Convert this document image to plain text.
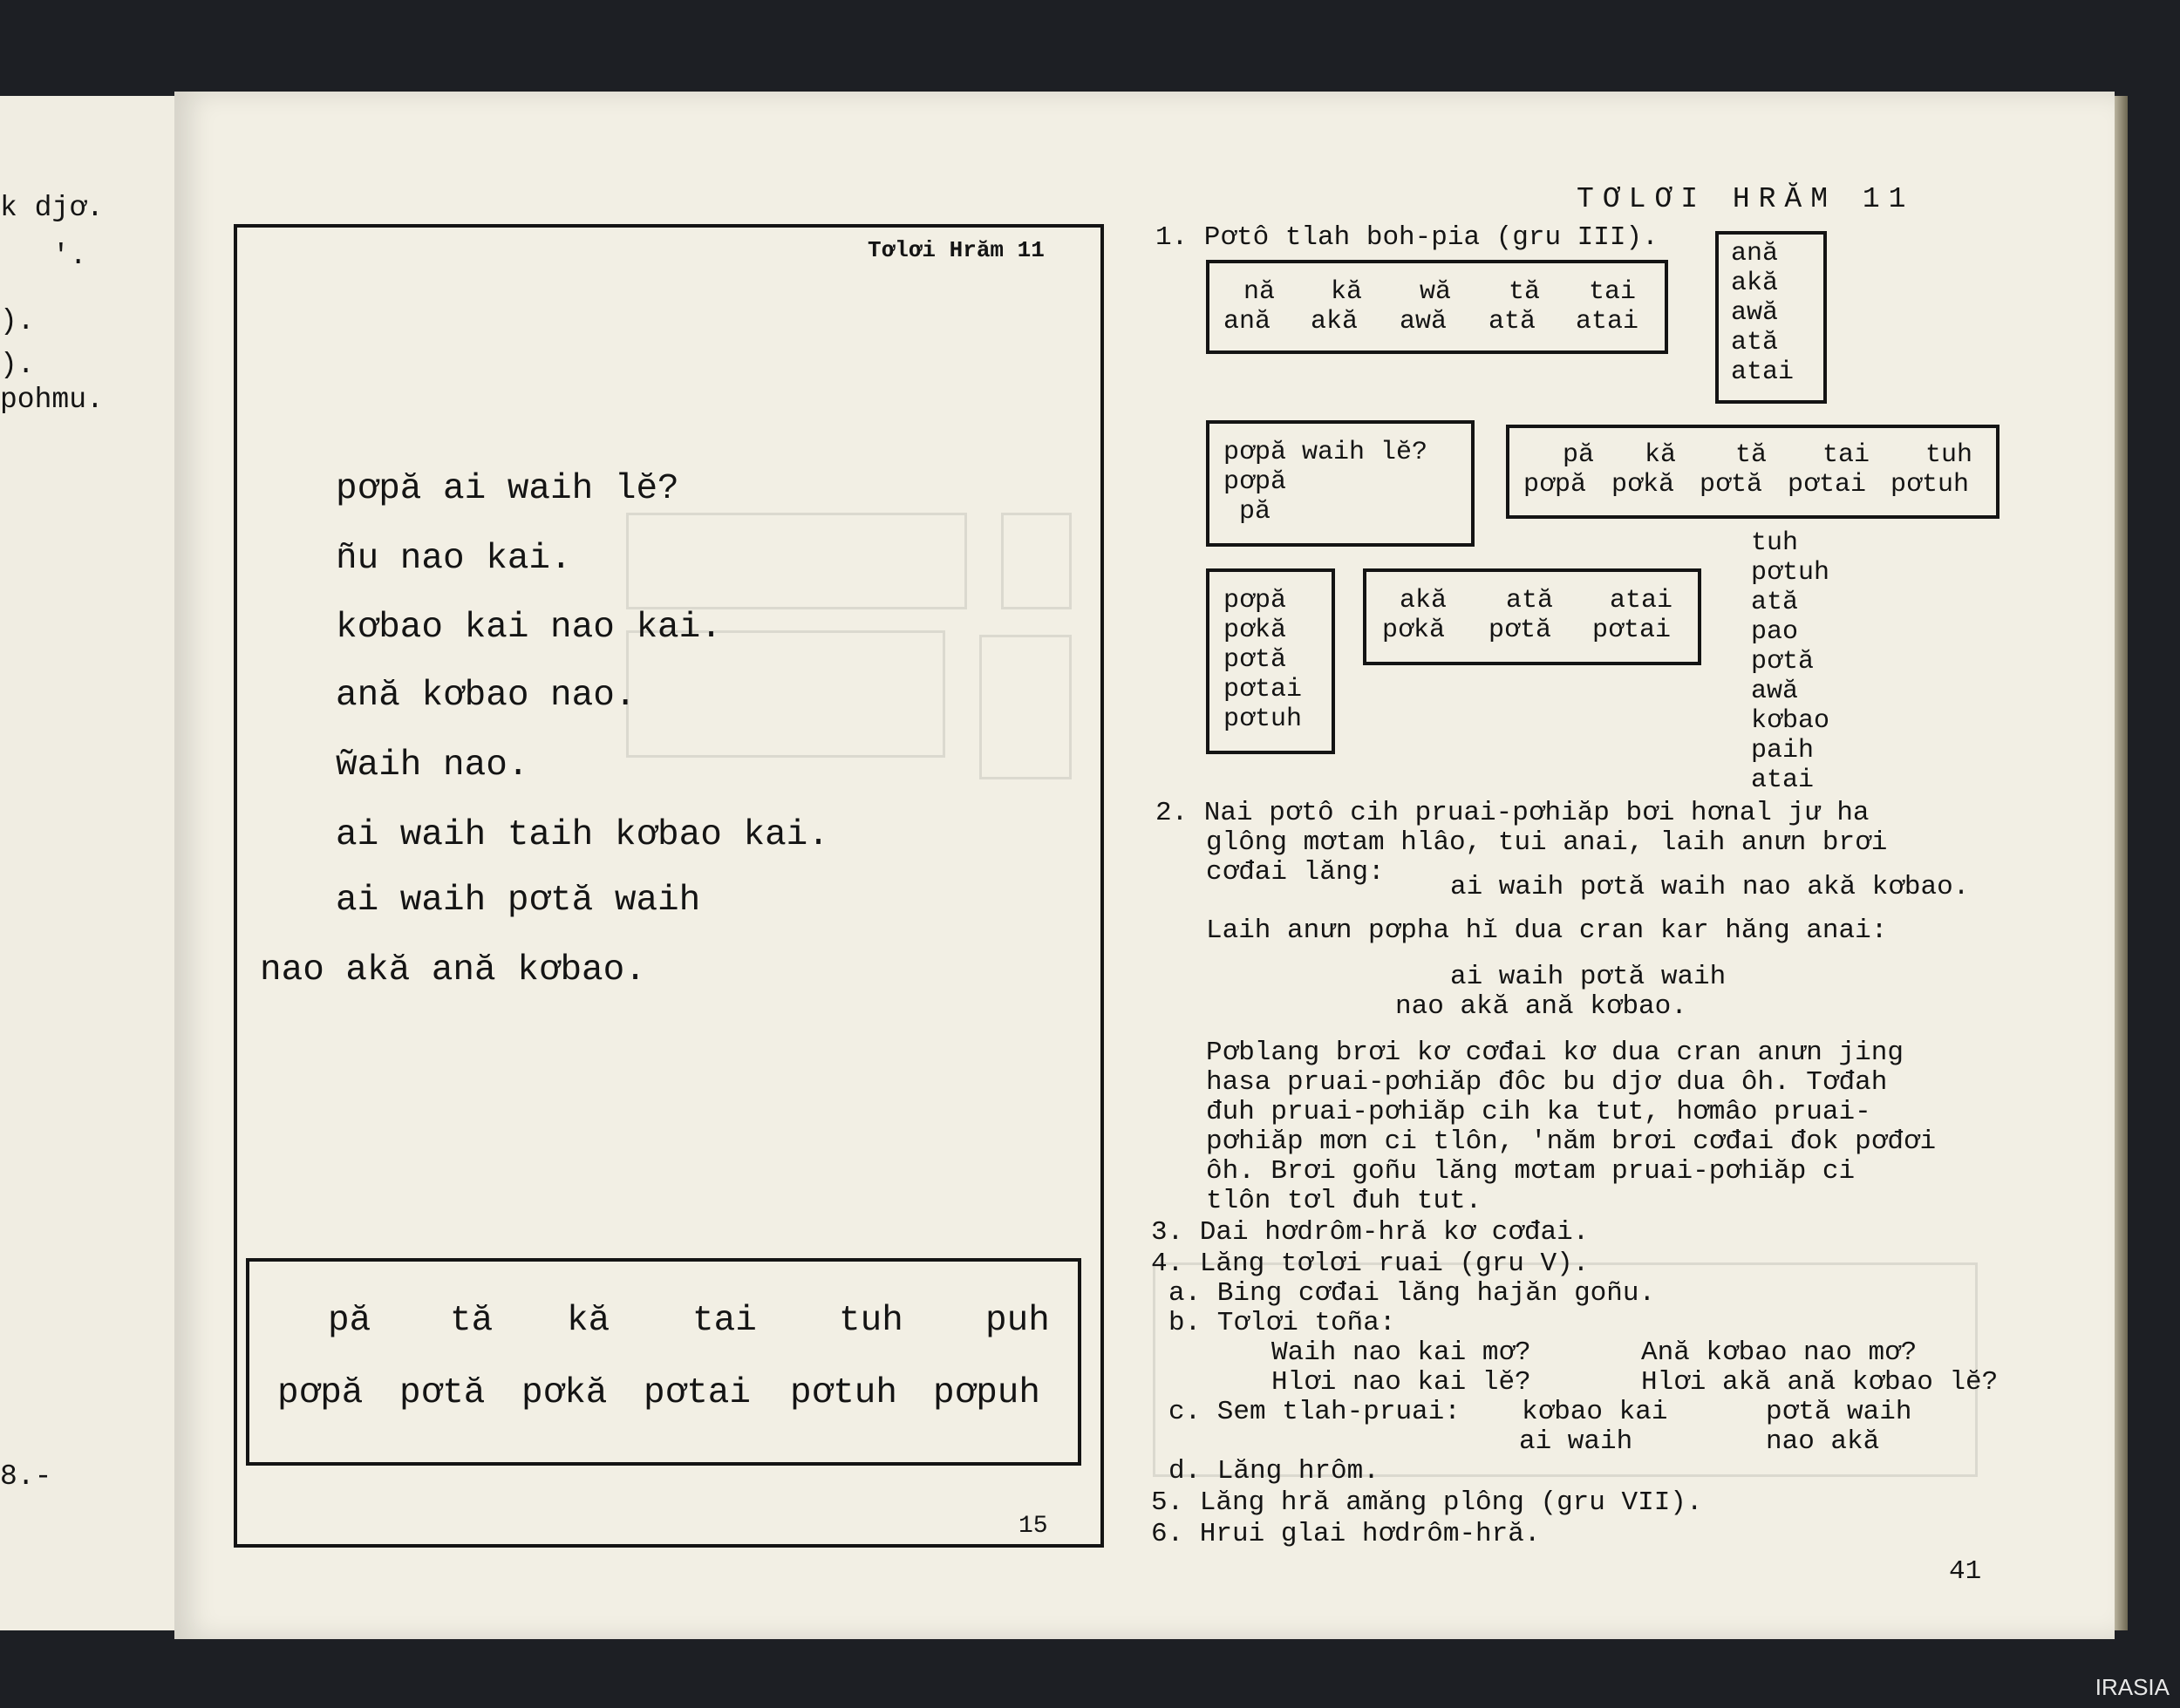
k djơ.
'.
).
).
pohmu.
8.-
Tơlơi Hrăm 11
pơpă ai waih lĕ?
ñu nao kai.
kơbao kai nao kai.
ană kơbao nao.
w̃aih nao.
ai waih taih kơbao kai.
ai waih pơtă waih
nao akă ană kơbao.
pă tă kă tai tuh puh
pơpă pơtă pơkă pơtai pơtuh pơpuh
15
TƠLƠI HRĂM 11
1. Pơtô tlah boh-pia (gru III).
nă kă wă tă tai
ană akă awă ată atai
ană
akă
awă
ată
atai
pơpă waih lĕ?
pơpă
pă
pă kă tă tai tuh
pơpă pơkă pơtă pơtai pơtuh
pơpă
pơkă
pơtă
pơtai
pơtuh
akă ată atai
pơkă pơtă pơtai
tuh
pơtuh
ată
pao
pơtă
awă
kơbao
paih
atai
2. Nai pơtô cih pruai-pơhiăp bơi hơnal jư ha
glông mơtam hlâo, tui anai, laih anưn brơi
cơđai lăng: ai waih pơtă waih nao akă kơbao.
Laih anưn pơpha hĭ dua cran kar hăng anai:
ai waih pơtă waih
nao akă ană kơbao.
Pơblang brơi kơ cơđai kơ dua cran anưn jing
hasa pruai-pơhiăp đôc bu djơ dua ôh. Tơđah
đuh pruai-pơhiăp cih ka tut, hơmâo pruai-
pơhiăp mơn ci tlôn, 'năm brơi cơđai đok pơđơi
ôh. Brơi goñu lăng mơtam pruai-pơhiăp ci
tlôn tơl đuh tut.
3. Dai hơdrôm-hră kơ cơđai.
4. Lăng tơlơi ruai (gru V).
a. Bing cơđai lăng hajăn goñu.
b. Tơlơi toña:
Waih nao kai mơ?
Hlơi nao kai lĕ?
Ană kơbao nao mơ?
Hlơi akă ană kơbao lĕ?
c. Sem tlah-pruai: kơbao kai
ai waih
pơtă waih
nao akă
d. Lăng hrôm.
5. Lăng hră amăng plông (gru VII).
6. Hrui glai hơdrôm-hră.
41
IRASIA
